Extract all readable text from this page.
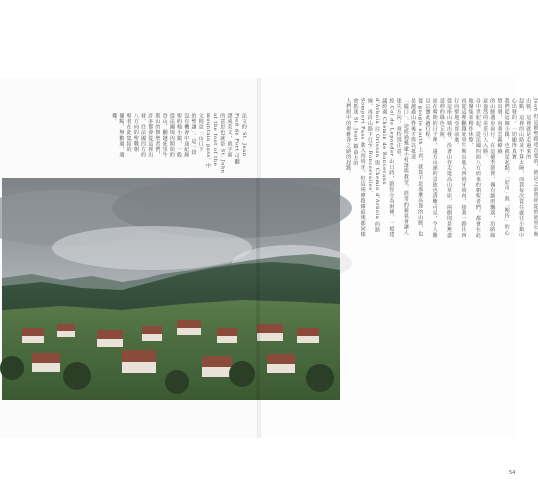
Jean 但這朝聖路途首要的，就是之前曾經從的庇里牛斯山脈，這裡就是走過來的
起點，這裡的山路並不算太險，而我每次從住處往小鎮中心出發的，一切顯得真實
我們從這個小鎮，也就是起點，「好奇」與「期待」的心情出發，向著雲霧繚繞
的山脈邁步前行。在這個季節裡，偶有細雨飄落，沿路綠意盎然的美景引人入勝。
自中世紀起，從法國四面八方而來的朝聖者們，都會在此地聚集並稍作休整，
再從這裡翻越庇里牛斯山進入西班牙境內，接著一路往西行向聖地亞哥前進。
從這座山城出發，沿著山谷走進高山草原，兩側則是無盡延伸的綠色丘陵，
而在晴朗的日子裡，遠方山頭的景致也清晰可見，令人難以忘懷此趟行程。
從 google earth 上看，就算不是那麼高聳的山脈，也是越過山脊後才得以抵達
「隘口」，途經過幾處小村落與教堂，經常的霧氣會讓人迷失方向，須特別注意。
經 Col de Lepoeder 山口時，路徑分為兩條，一般建議經過 Chemin de Roncevaux
d'Arbola 往 Orisson 與 Chemin d'Arbola 的路線，再沿山路下行至 Roncesvalles。
Somport Pass 進入西班牙，但這兩條路線最後都同樣會抵達 St. Jean 鎮前方的
人們眼中的聖雅各之路的起點。
法文的 St. Jean
Pied de Port 可翻
譯成英文，就字面
的意思也就是 St. John
at the foot of the
mountain pass，中
文則是「山口下
的聖讓」。這一段
沒有機會中途紀錄
聖約翰小鎮，一般
從法國境內開始的
登山、翻越庇里牛
斯山的朝聖者們，
許多都會從這裡出
發，往法國四方的
八方向的聖戰朝
聖者在此集結的
據點，無數過，遇
難。
54
